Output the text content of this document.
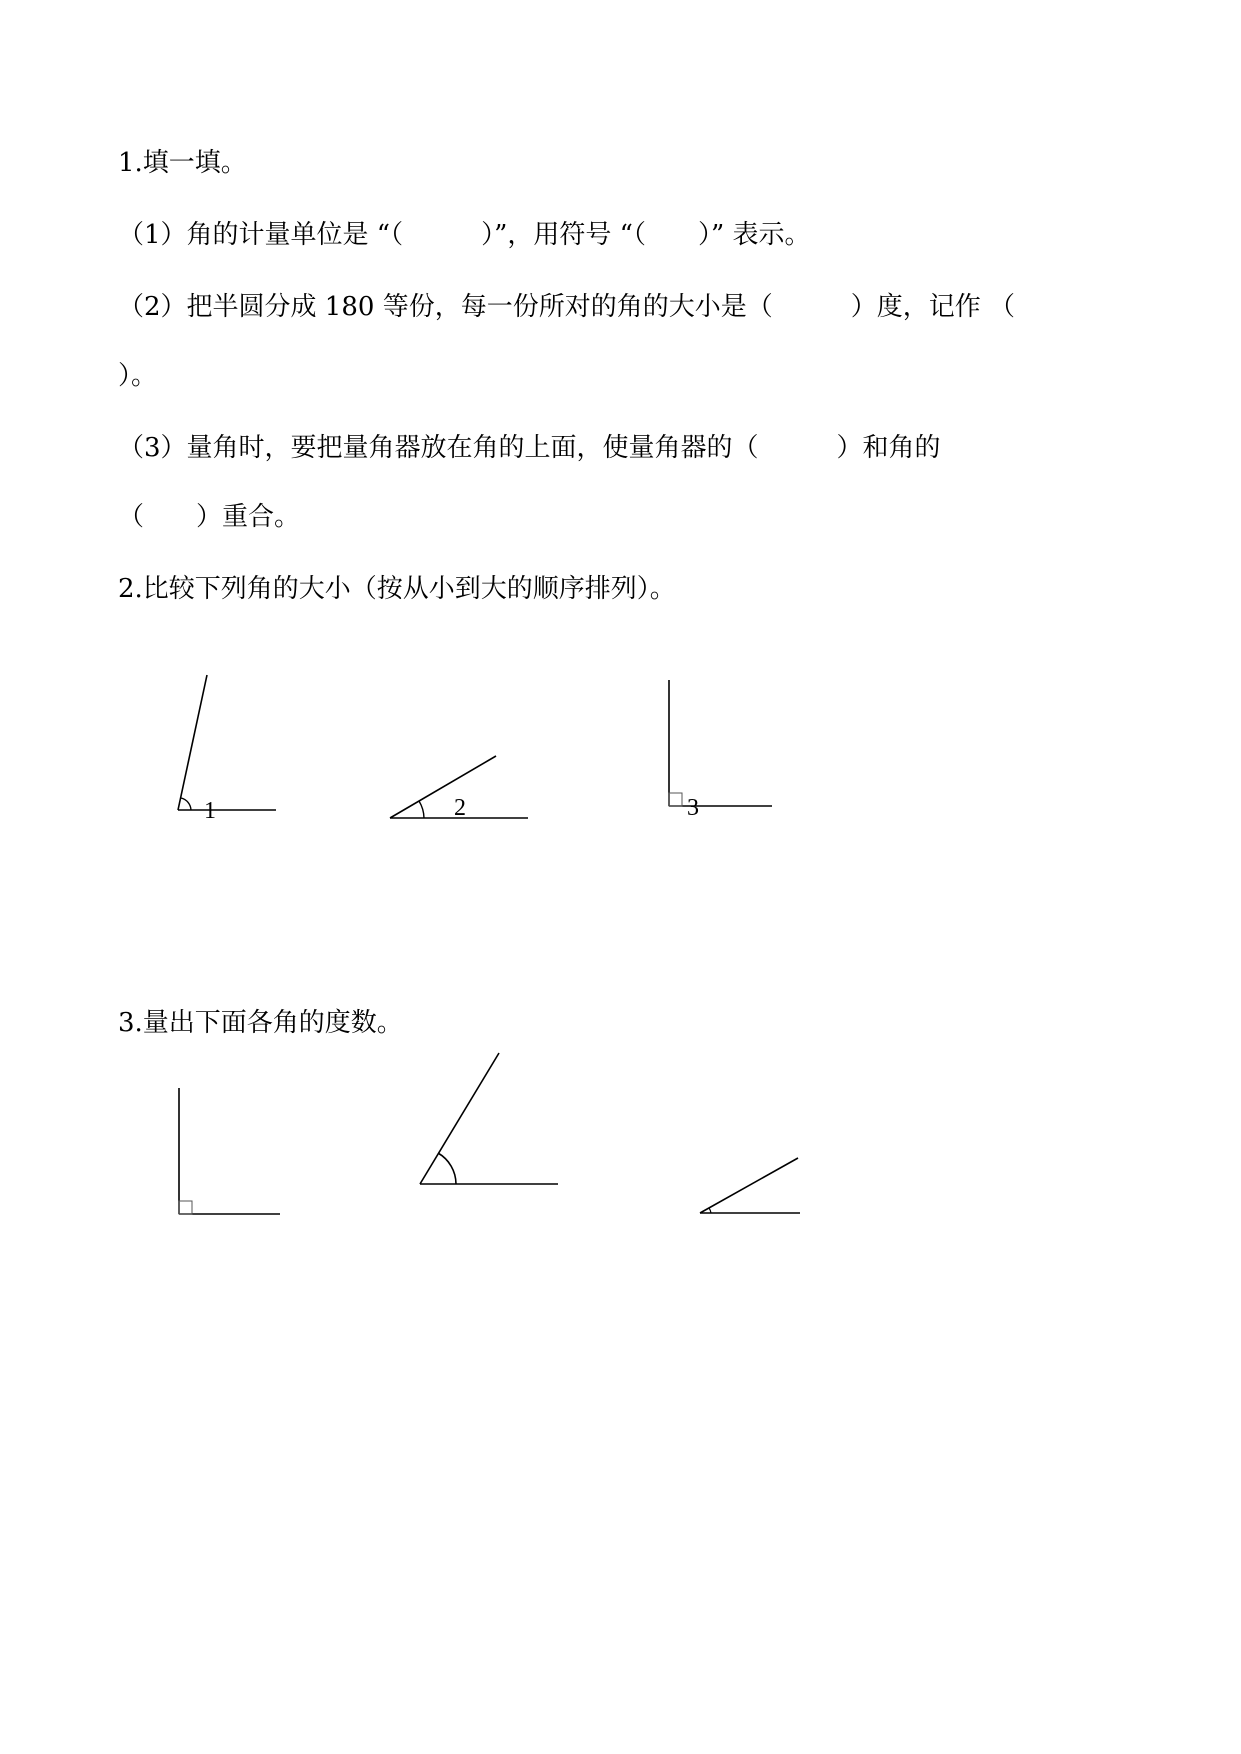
1.填一填。
（1）角的计量单位是 “（　　　）”，用符号 “（　　）” 表示。
（2）把半圆分成 180 等份，每一份所对的角的大小是（　　　）度，记作 （
）。
（3）量角时，要把量角器放在角的上面，使量角器的（　　　）和角的
（　　）重合。
2.比较下列角的大小（按从小到大的顺序排列）。
1	2	3
3.量出下面各角的度数。
